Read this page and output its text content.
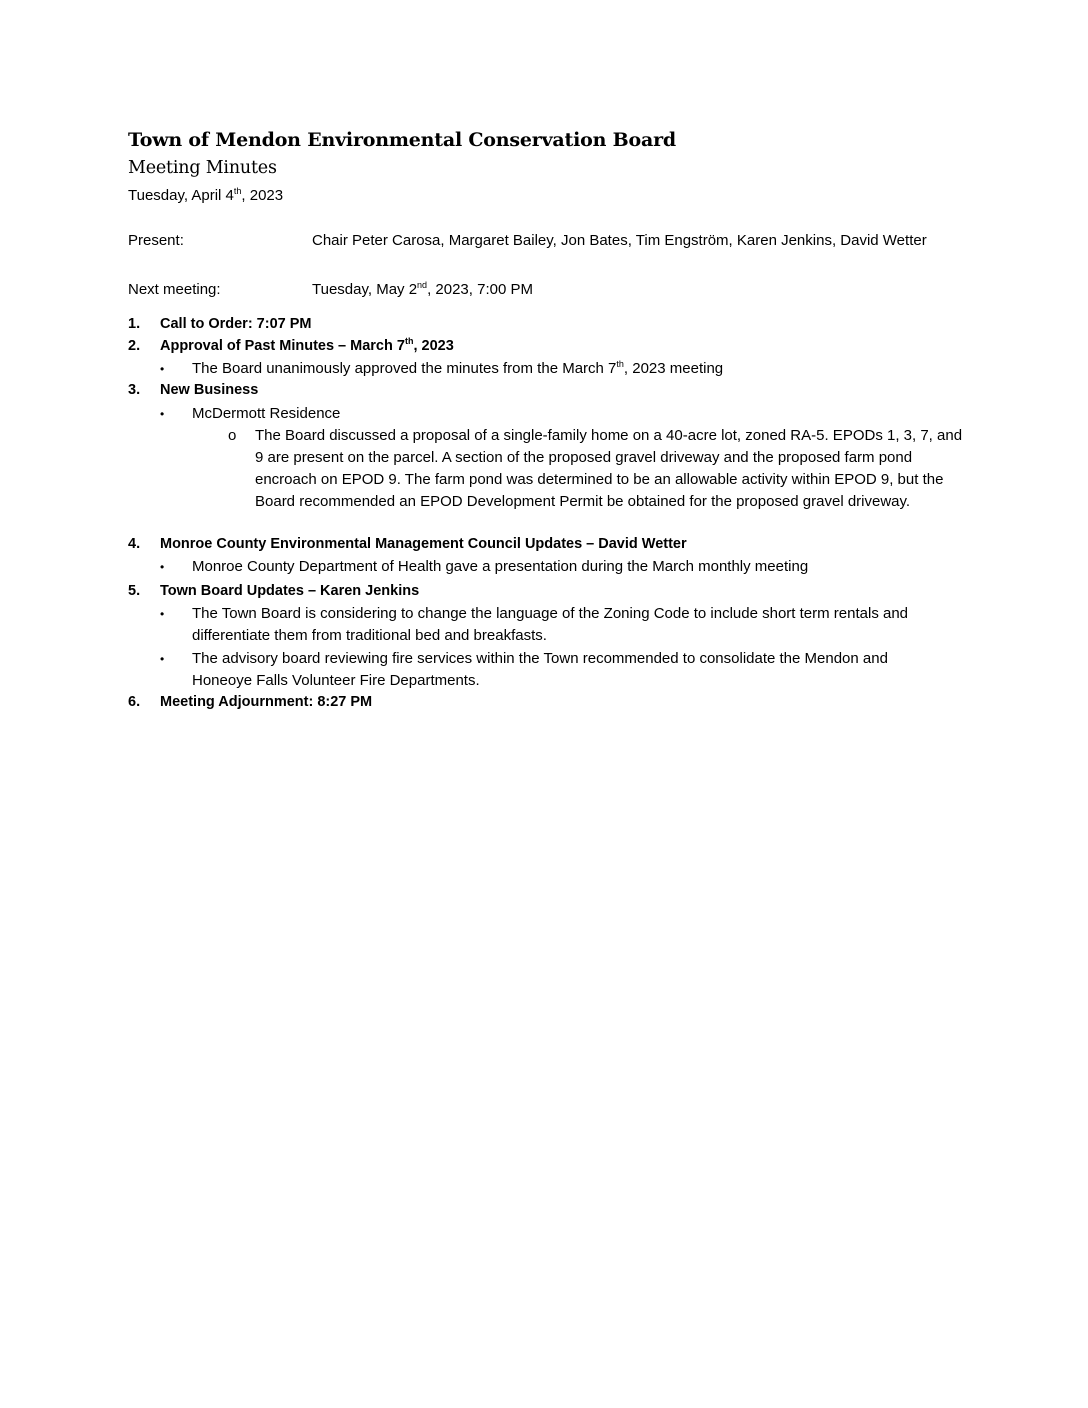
Town of Mendon Environmental Conservation Board
Meeting Minutes
Tuesday, April 4th, 2023
Present:	Chair Peter Carosa, Margaret Bailey, Jon Bates, Tim Engström, Karen Jenkins, David Wetter
Next meeting:	Tuesday, May 2nd, 2023, 7:00 PM
1. Call to Order: 7:07 PM
2. Approval of Past Minutes – March 7th, 2023
• The Board unanimously approved the minutes from the March 7th, 2023 meeting
3. New Business
• McDermott Residence
o The Board discussed a proposal of a single-family home on a 40-acre lot, zoned RA-5. EPODs 1, 3, 7, and 9 are present on the parcel. A section of the proposed gravel driveway and the proposed farm pond encroach on EPOD 9. The farm pond was determined to be an allowable activity within EPOD 9, but the Board recommended an EPOD Development Permit be obtained for the proposed gravel driveway.
4. Monroe County Environmental Management Council Updates – David Wetter
• Monroe County Department of Health gave a presentation during the March monthly meeting
5. Town Board Updates – Karen Jenkins
• The Town Board is considering to change the language of the Zoning Code to include short term rentals and differentiate them from traditional bed and breakfasts.
• The advisory board reviewing fire services within the Town recommended to consolidate the Mendon and Honeoye Falls Volunteer Fire Departments.
6. Meeting Adjournment: 8:27 PM
